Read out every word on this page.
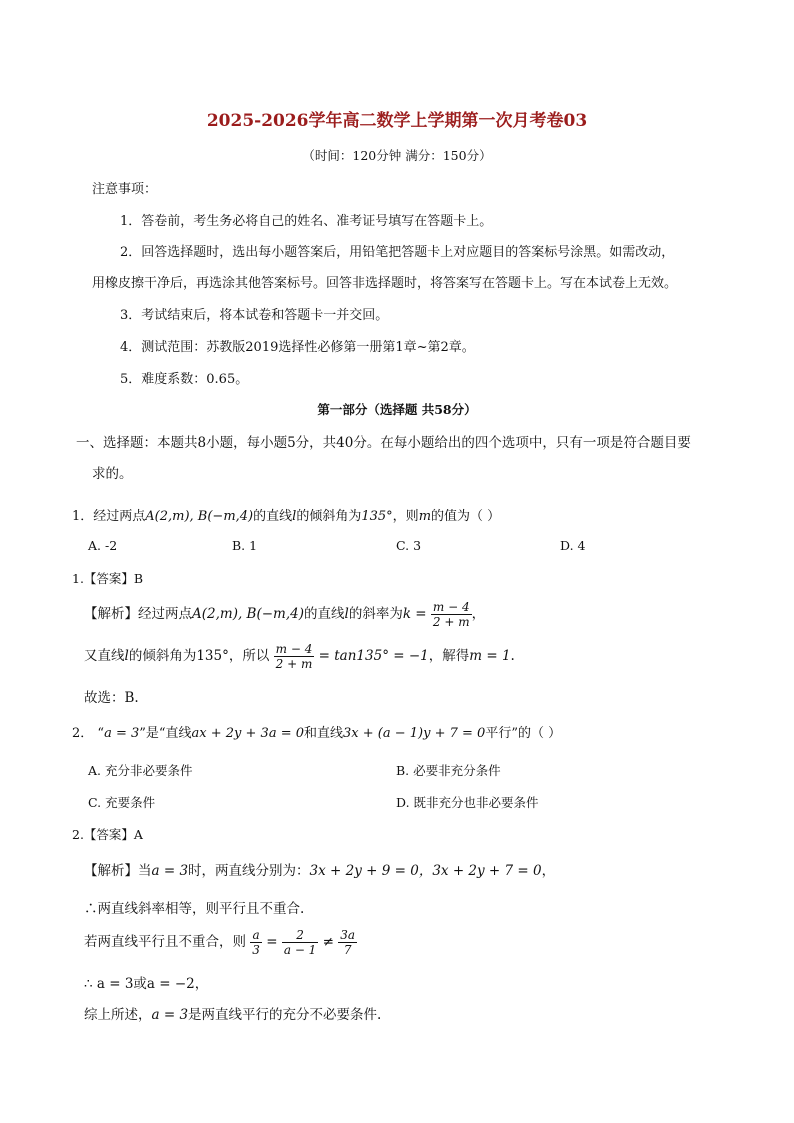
2025-2026学年高二数学上学期第一次月考卷03
（时间：120分钟 满分：150分）
注意事项：
1．答卷前，考生务必将自己的姓名、准考证号填写在答题卡上。
2．回答选择题时，选出每小题答案后，用铅笔把答题卡上对应题目的答案标号涂黑。如需改动，
用橡皮擦干净后，再选涂其他答案标号。回答非选择题时，将答案写在答题卡上。写在本试卷上无效。
3．考试结束后，将本试卷和答题卡一并交回。
4．测试范围：苏教版2019选择性必修第一册第1章~第2章。
5．难度系数：0.65。
第一部分（选择题 共58分）
一、选择题：本题共8小题，每小题5分，共40分。在每小题给出的四个选项中，只有一项是符合题目要
求的。
1．经过两点A(2,m), B(−m,4)的直线l的倾斜角为135°，则m的值为（ ）
A. -2	B. 1	C. 3	D. 4
1.【答案】B
【解析】经过两点A(2,m), B(−m,4)的直线l的斜率为$k = \frac{m - 4}{2 + m}$ ，
又直线l的倾斜角为135°，所以 $\frac{m - 4}{2 + m} = \tan 135^\circ = -1$，解得m = 1.
故选：B.
2． “a = 3”是“直线ax + 2y + 3a = 0和直线3x + (a − 1)y + 7 = 0平行”的（ ）
A. 充分非必要条件	B. 必要非充分条件
C. 充要条件	D. 既非充分也非必要条件
2.【答案】A
【解析】当a = 3时，两直线分别为：3x + 2y + 9 = 0，3x + 2y + 7 = 0，
∴两直线斜率相等，则平行且不重合.
若两直线平行且不重合，则 $\frac{a}{3} = \frac{2}{a - 1} \ne \frac{3a}{7}$
∴ a = 3或a = −2，
综上所述，a = 3是两直线平行的充分不必要条件.
